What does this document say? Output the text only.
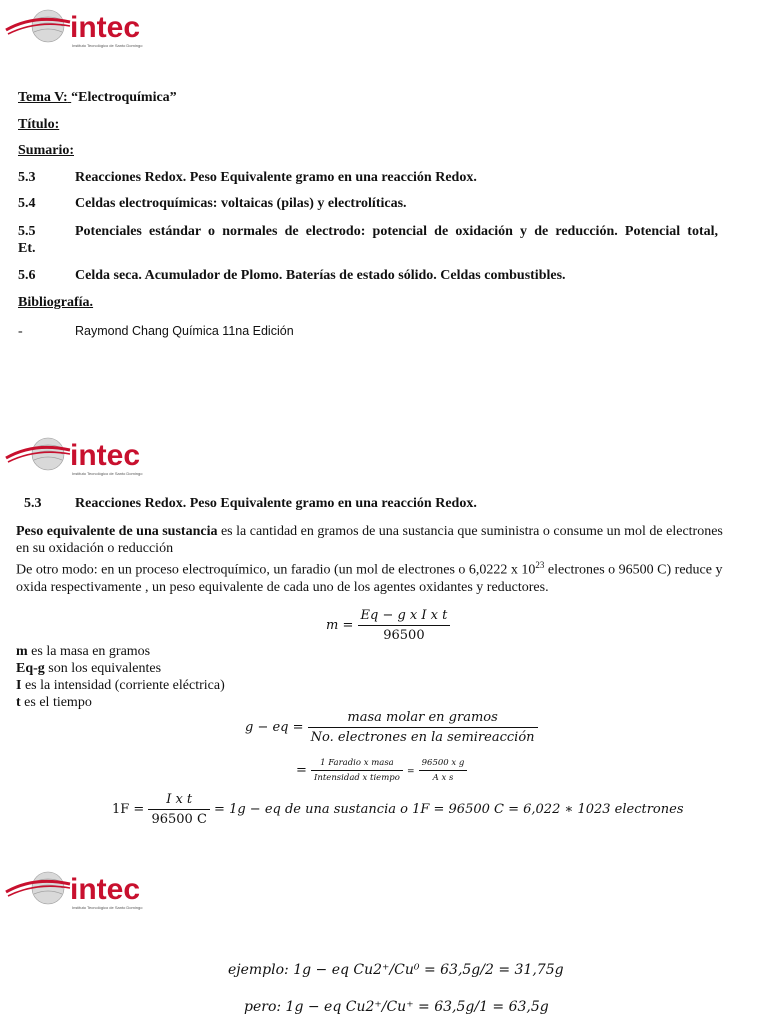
intec
Instituto Tecnológico de Santo Domingo
intec
Instituto Tecnológico de Santo Domingo
intec
Instituto Tecnológico de Santo Domingo
Tema V: “Electroquímica”
Título:
Sumario:
5.3	Reacciones Redox. Peso Equivalente gramo en una reacción Redox.
5.4	Celdas electroquímicas: voltaicas (pilas) y electrolíticas.
5.5	Potenciales estándar o normales de electrodo: potencial de oxidación y de reducción. Potencial total,
Et.
5.6	Celda seca. Acumulador de Plomo. Baterías de estado sólido. Celdas combustibles.
Bibliografía.
-	Raymond Chang Química 11na Edición
5.3 Reacciones Redox. Peso Equivalente gramo en una reacción Redox.
Peso equivalente de una sustancia es la cantidad en gramos de una sustancia que suministra o consume un mol de electrones
en su oxidación o reducción
De otro modo: en un proceso electroquímico, un faradio (un mol de electrones o 6,0222 x $10^{23}$ electrones o 96500 C) reduce y
oxida respectivamente , un peso equivalente de cada uno de los agentes oxidantes y reductores.
$m = \frac{\text{Eq − g x I x t}}{96500}$
m es la masa en gramos
Eq-g son los equivalentes
I es la intensidad (corriente eléctrica)
t es el tiempo
g − eq = $\frac{\text{masa molar en gramos}}{\text{No. electrones en la semireacción}}$
= $\frac{\text{1 Faradio x masa}}{\text{Intensidad x tiempo}} = \frac{\text{96500 x g}}{\text{A x s}}$
$1F = \frac{\text{I x t}}{96500 C} = 1g$ − eq de una sustancia o 1F = 96500 C = 6,022 ∗ 1023 electrones
ejemplo: 1g − eq Cu2⁺/Cu⁰ = 63,5g/2 = 31,75g
pero: 1g − eq Cu2⁺/Cu⁺ = 63,5g/1 = 63,5g
